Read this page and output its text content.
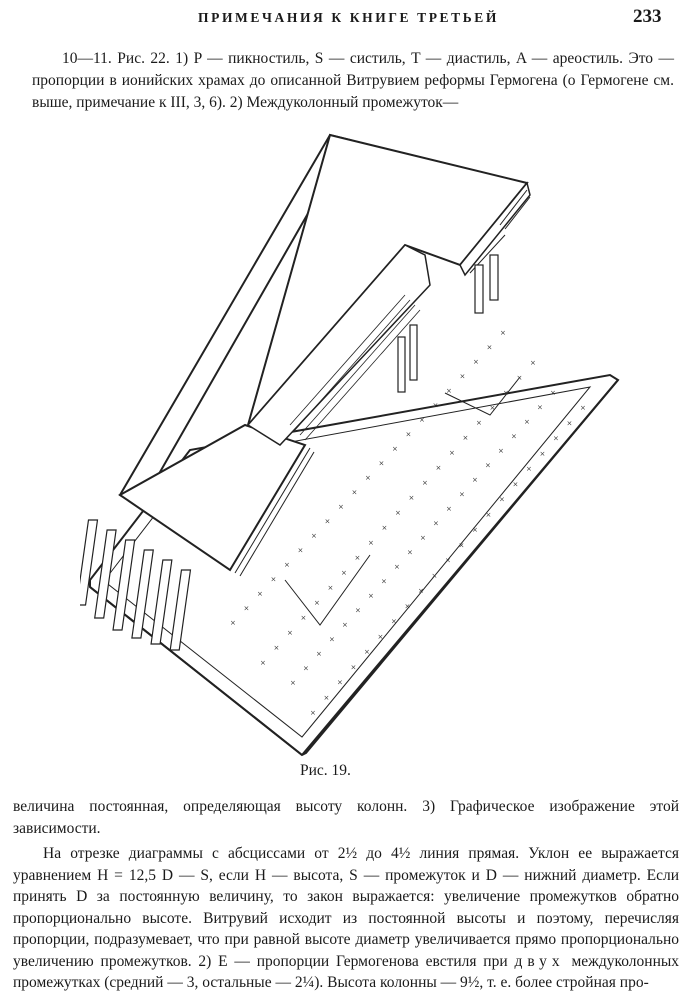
ПРИМЕЧАНИЯ К КНИГЕ ТРЕТЬЕЙ	233

10—11. Рис. 22. 1) P — пикностиль, S — систиль, T — диастиль, A — ареостиль. Это — пропорции в ионийских храмах до описанной Витрувием реформы Гермогена (о Гермогене см. выше, примечание к III, 3, 6). 2) Междуколонный промежуток—

×
×
×
×
×
×
×
×
×
×
×
×
×
×
×
×
×
×
×
×
×
×
×
×
×
×
×
×
×
×
×
×
×
×
×
×
×
×
×
×
×
×
×
×
×
×
×
×
×
×
×
×
×
×
×
×
×
×
×
×
×
×
×
×
×
×
×
×
×
×
×
×
×
×
×
×
×
×
×
×
×
×
×
×
Рис. 19.

величина постоянная, определяющая высоту колонн. 3) Графическое изображение этой зависимости.

На отрезке диаграммы с абсциссами от 2½ до 4½ линия прямая. Уклон ее выражается уравнением H = 12,5 D — S, если H — высота, S — промежуток и D — нижний диаметр. Если принять D за постоянную величину, то закон выражается: увеличение промежутков обратно пропорционально высоте. Витрувий исходит из постоянной высоты и поэтому, перечисляя пропорции, подразумевает, что при равной высоте диаметр увеличивается прямо пропорционально увеличению промежутков. 2) E — пропорции Гермогенова евстиля при двух междуколонных промежутках (средний — 3, остальные — 2¼). Высота колонны — 9½, т. е. более стройная про-
